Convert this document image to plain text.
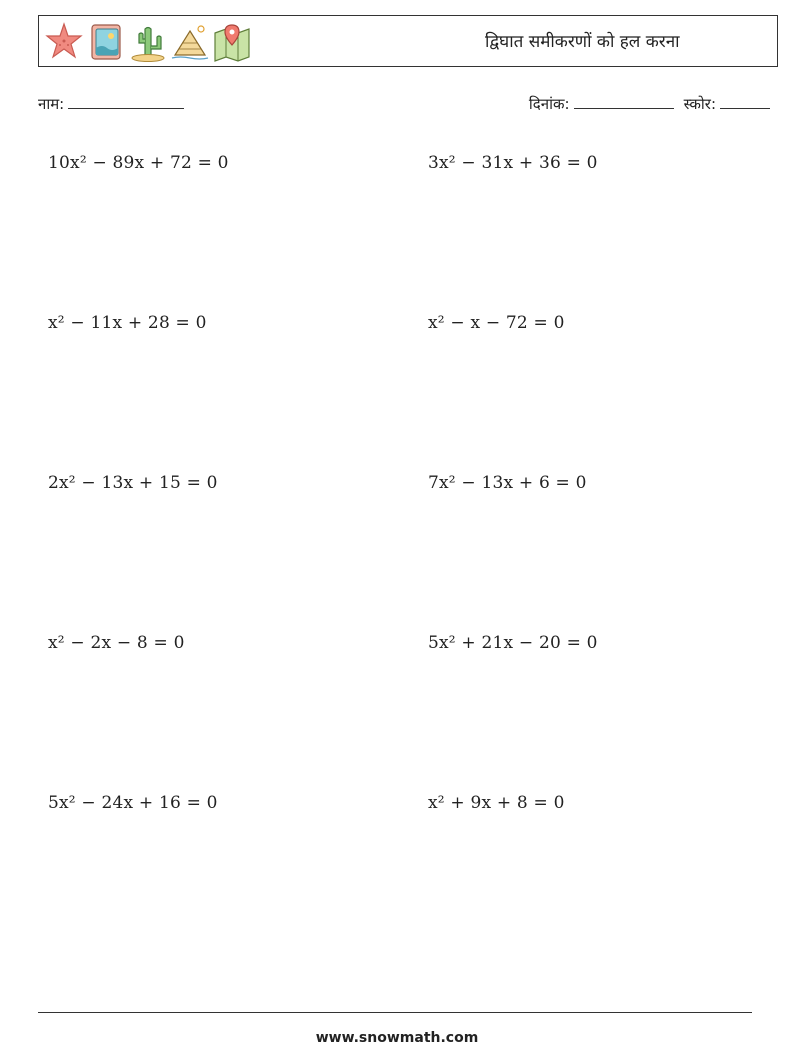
द्विघात समीकरणों को हल करना
नाम:	दिनांक:	स्कोर:
10x² − 89x + 72 = 0	3x² − 31x + 36 = 0
x² − 11x + 28 = 0	x² − x − 72 = 0
2x² − 13x + 15 = 0	7x² − 13x + 6 = 0
x² − 2x − 8 = 0	5x² + 21x − 20 = 0
5x² − 24x + 16 = 0	x² + 9x + 8 = 0
www.snowmath.com
